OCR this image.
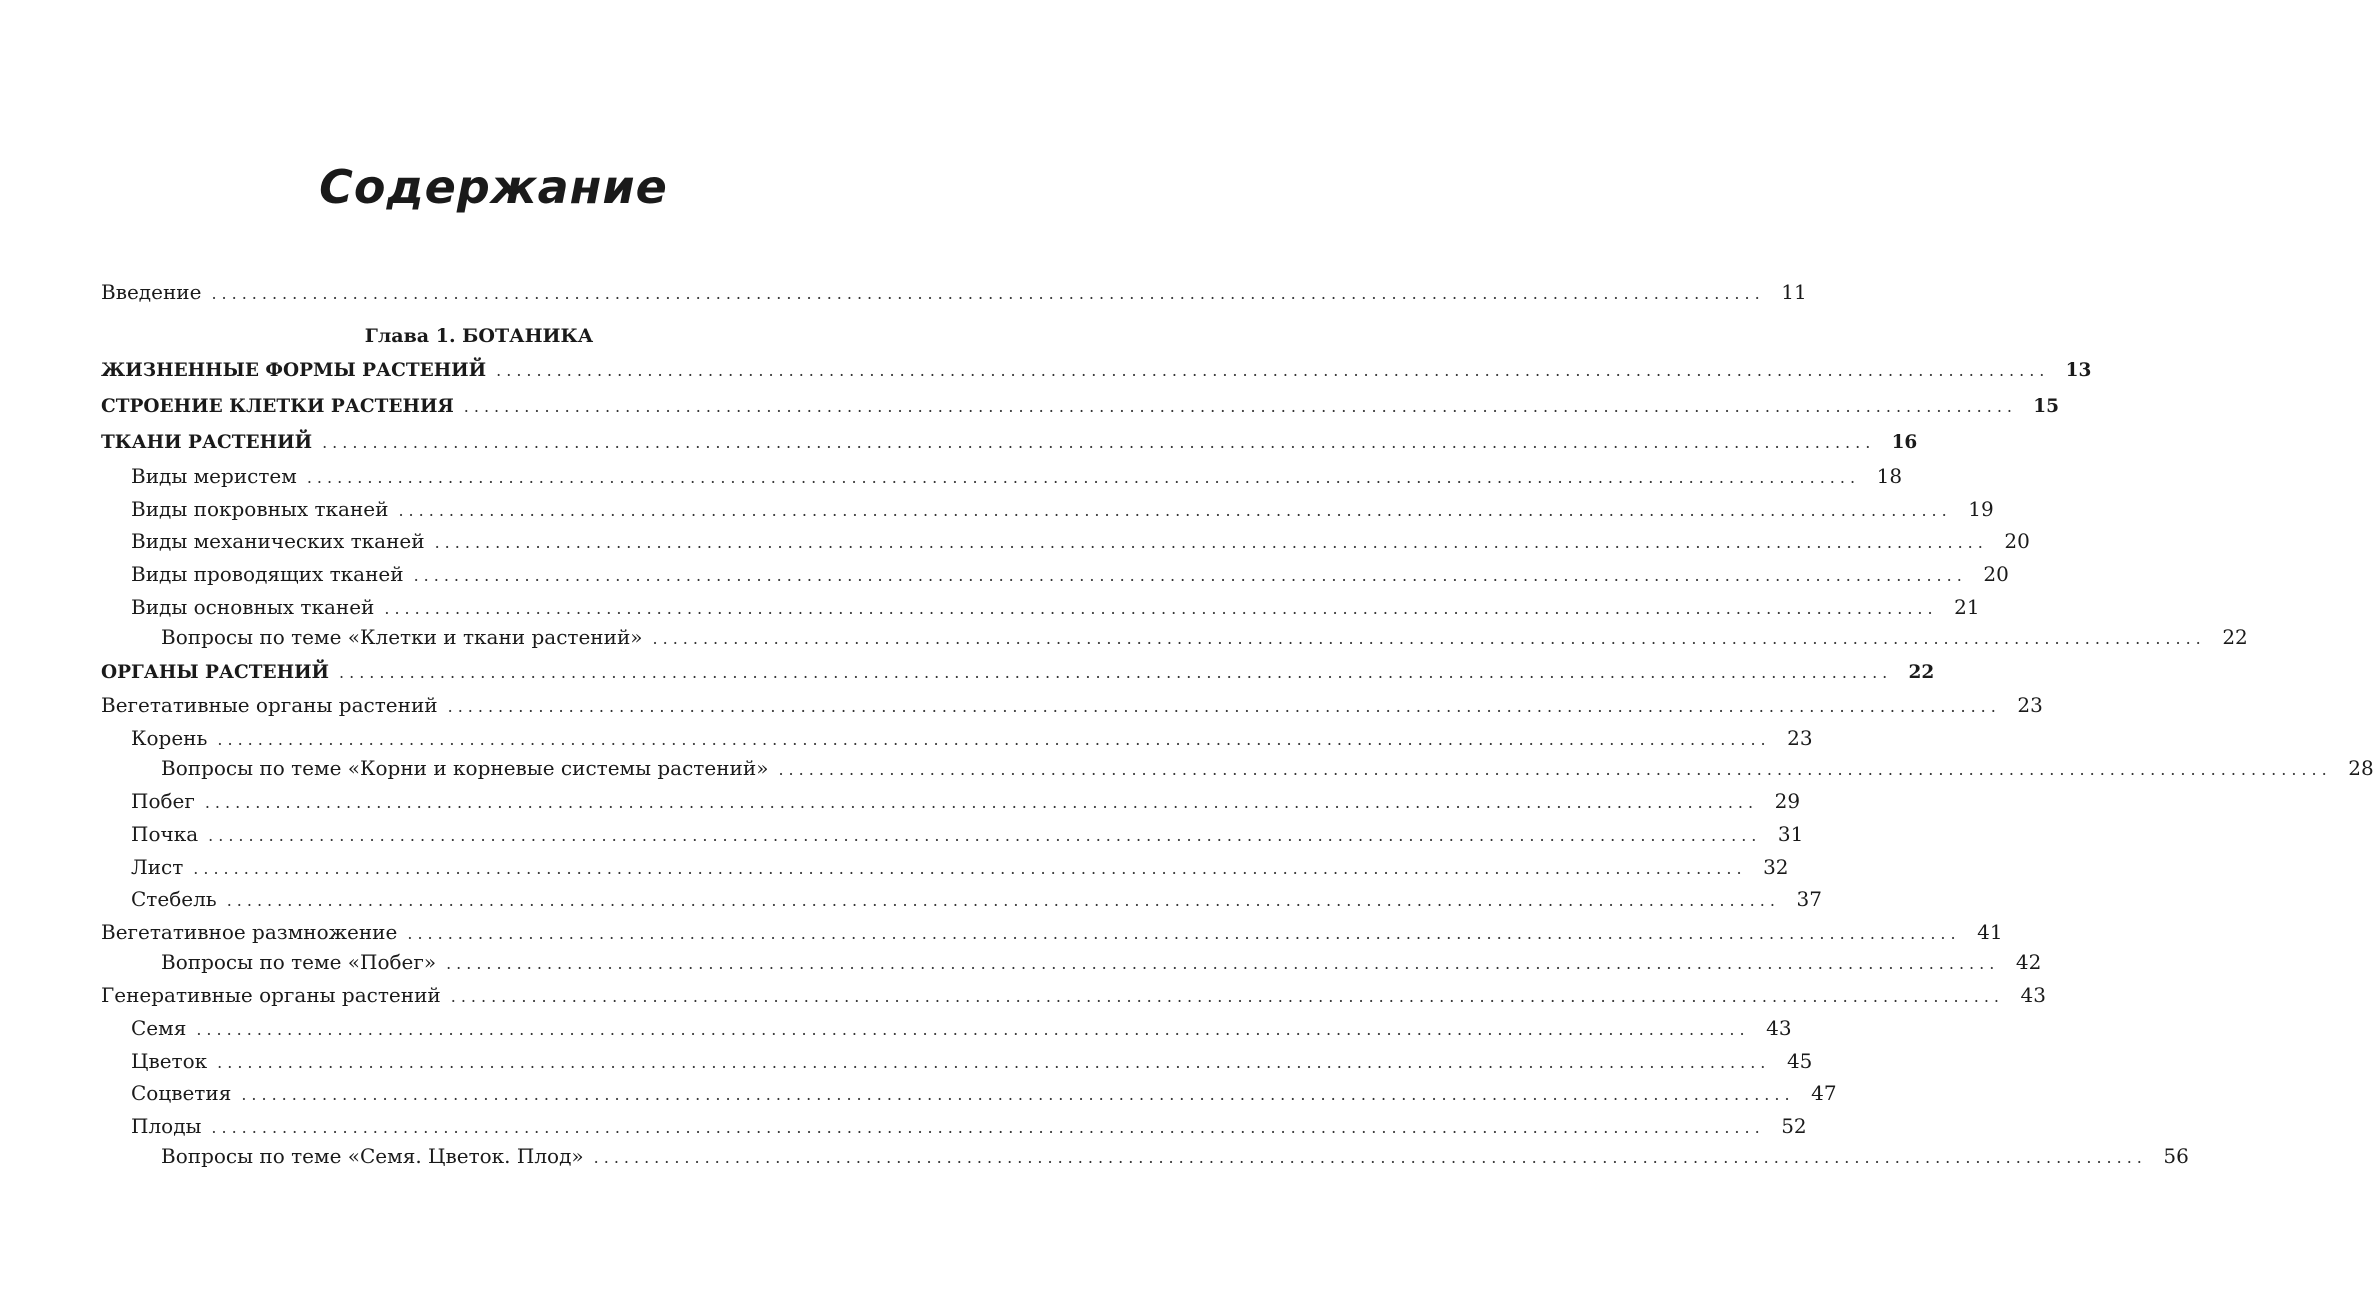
Содержание
Введение .......................................................................................................................................................... 11
Глава 1. БОТАНИКА
ЖИЗНЕННЫЕ ФОРМЫ РАСТЕНИЙ .......................................................................................................................................................... 13
СТРОЕНИЕ КЛЕТКИ РАСТЕНИЯ .......................................................................................................................................................... 15
ТКАНИ РАСТЕНИЙ .......................................................................................................................................................... 16
Виды меристем .......................................................................................................................................................... 18
Виды покровных тканей .......................................................................................................................................................... 19
Виды механических тканей .......................................................................................................................................................... 20
Виды проводящих тканей .......................................................................................................................................................... 20
Виды основных тканей .......................................................................................................................................................... 21
Вопросы по теме «Клетки и ткани растений» .......................................................................................................................................................... 22
ОРГАНЫ РАСТЕНИЙ .......................................................................................................................................................... 22
Вегетативные органы растений .......................................................................................................................................................... 23
Корень .......................................................................................................................................................... 23
Вопросы по теме «Корни и корневые системы растений» .......................................................................................................................................................... 28
Побег .......................................................................................................................................................... 29
Почка .......................................................................................................................................................... 31
Лист .......................................................................................................................................................... 32
Стебель .......................................................................................................................................................... 37
Вегетативное размножение .......................................................................................................................................................... 41
Вопросы по теме «Побег» .......................................................................................................................................................... 42
Генеративные органы растений .......................................................................................................................................................... 43
Семя .......................................................................................................................................................... 43
Цветок .......................................................................................................................................................... 45
Соцветия .......................................................................................................................................................... 47
Плоды .......................................................................................................................................................... 52
Вопросы по теме «Семя. Цветок. Плод» .......................................................................................................................................................... 56
